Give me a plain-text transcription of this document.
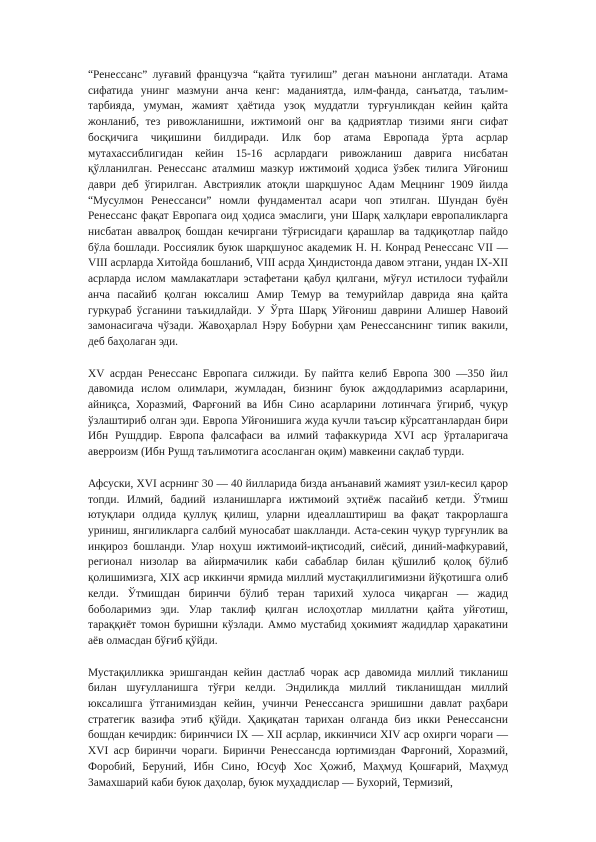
“Ренессанс” луғавий французча “қайта туғилиш” деган маънони англатади. Атама сифатида унинг мазмуни анча кенг: маданиятда, илм-фанда, санъатда, таълим-тарбияда, умуман, жамият ҳаётида узоқ муддатли турғунликдан кейин қайта жонланиб, тез ривожланишни, ижтимоий онг ва қадриятлар тизими янги сифат босқичига чиқишини билдиради. Илк бор атама Европада ўрта асрлар мутахассиблигидан кейин 15-16 асрлардаги ривожланиш даврига нисбатан қўлланилган. Ренессанс аталмиш мазкур ижтимоий ҳодиса ўзбек тилига Уйғониш даври деб ўгирилган. Австриялик атоқли шарқшунос Адам Мецнинг 1909 йилда “Мусулмон Ренессанси” номли фундаментал асари чоп этилган. Шундан буён Ренессанс фақат Европага оид ҳодиса эмаслиги, уни Шарқ халқлари европаликларга нисбатан аввалроқ бошдан кечиргани тўғрисидаги қарашлар ва тадқиқотлар пайдо бўла бошлади. Россиялик буюк шарқшунос академик Н. Н. Конрад Ренессанс VII — VIII асрларда Хитойда бошланиб, VIII асрда Ҳиндистонда давом этгани, ундан IX-XII асрларда ислом мамлакатлари эстафетани қабул қилгани, мўғул истилоси туфайли анча пасайиб қолган юксалиш Амир Темур ва темурийлар даврида яна қайта гуркураб ўсганини таъкидлайди. У Ўрта Шарқ Уйғониш даврини Алишер Навоий замонасигача чўзади. Жавоҳарлал Нэру Бобурни ҳам Ренессанснинг типик вакили, деб баҳолаган эди.

XV асрдан Ренессанс Европага силжиди. Бу пайтга келиб Европа 300 —350 йил давомида ислом олимлари, жумладан, бизнинг буюк аждодларимиз асарларини, айниқса, Хоразмий, Фарғоний ва Ибн Сино асарларини лотинчага ўгириб, чуқур ўзлаштириб олган эди. Европа Уйғонишига жуда кучли таъсир кўрсатганлардан бири Ибн Рушддир. Европа фалсафаси ва илмий тафаккурида XVI аср ўрталаригача аверроизм (Ибн Рушд таълимотига асосланган оқим) мавкеини сақлаб турди.

Афсуски, XVI асрнинг 30 — 40 йилларида бизда анъанавий жамият узил-кесил қарор топди. Илмий, бадиий изланишларга ижтимоий эҳтиёж пасайиб кетди. Ўтмиш ютуқлари олдида қуллуқ қилиш, уларни идеаллаштириш ва фақат такрорлашга уриниш, янгиликларга салбий муносабат шаклланди. Аста-секин чуқур турғунлик ва инқироз бошланди. Улар ноҳуш ижтимоий-иқтисодий, сиёсий, диний-мафкуравий, регионал низолар ва айирмачилик каби сабаблар билан қўшилиб қолоқ бўлиб қолишимизга, XIX аср иккинчи ярмида миллий мустақиллигимизни йўқотишга олиб келди. Ўтмишдан биринчи бўлиб теран тарихий хулоса чиқарган — жадид боболаримиз эди. Улар таклиф қилган ислоҳотлар миллатни қайта уйғотиш, тараққиёт томон буришни кўзлади. Аммо мустабид ҳокимият жадидлар ҳаракатини аёв олмасдан бўғиб қўйди.

Мустақилликка эришгандан кейин дастлаб чорак аср давомида миллий тикланиш билан шуғулланишга тўғри келди. Эндиликда миллий тикланишдан миллий юксалишга ўтганимиздан кейин, учинчи Ренессансга эришишни давлат раҳбари стратегик вазифа этиб қўйди. Ҳақиқатан тарихан олганда биз икки Ренессансни бошдан кечирдик: биринчиси IX — XII асрлар, иккинчиси XIV аср охирги чораги — XVI аср биринчи чораги. Биринчи Ренессансда юртимиздан Фарғоний, Хоразмий, Форобий, Беруний, Ибн Сино, Юсуф Хос Ҳожиб, Маҳмуд Қошғарий, Маҳмуд Замахшарий каби буюк даҳолар, буюк муҳаддислар — Бухорий, Термизий,
